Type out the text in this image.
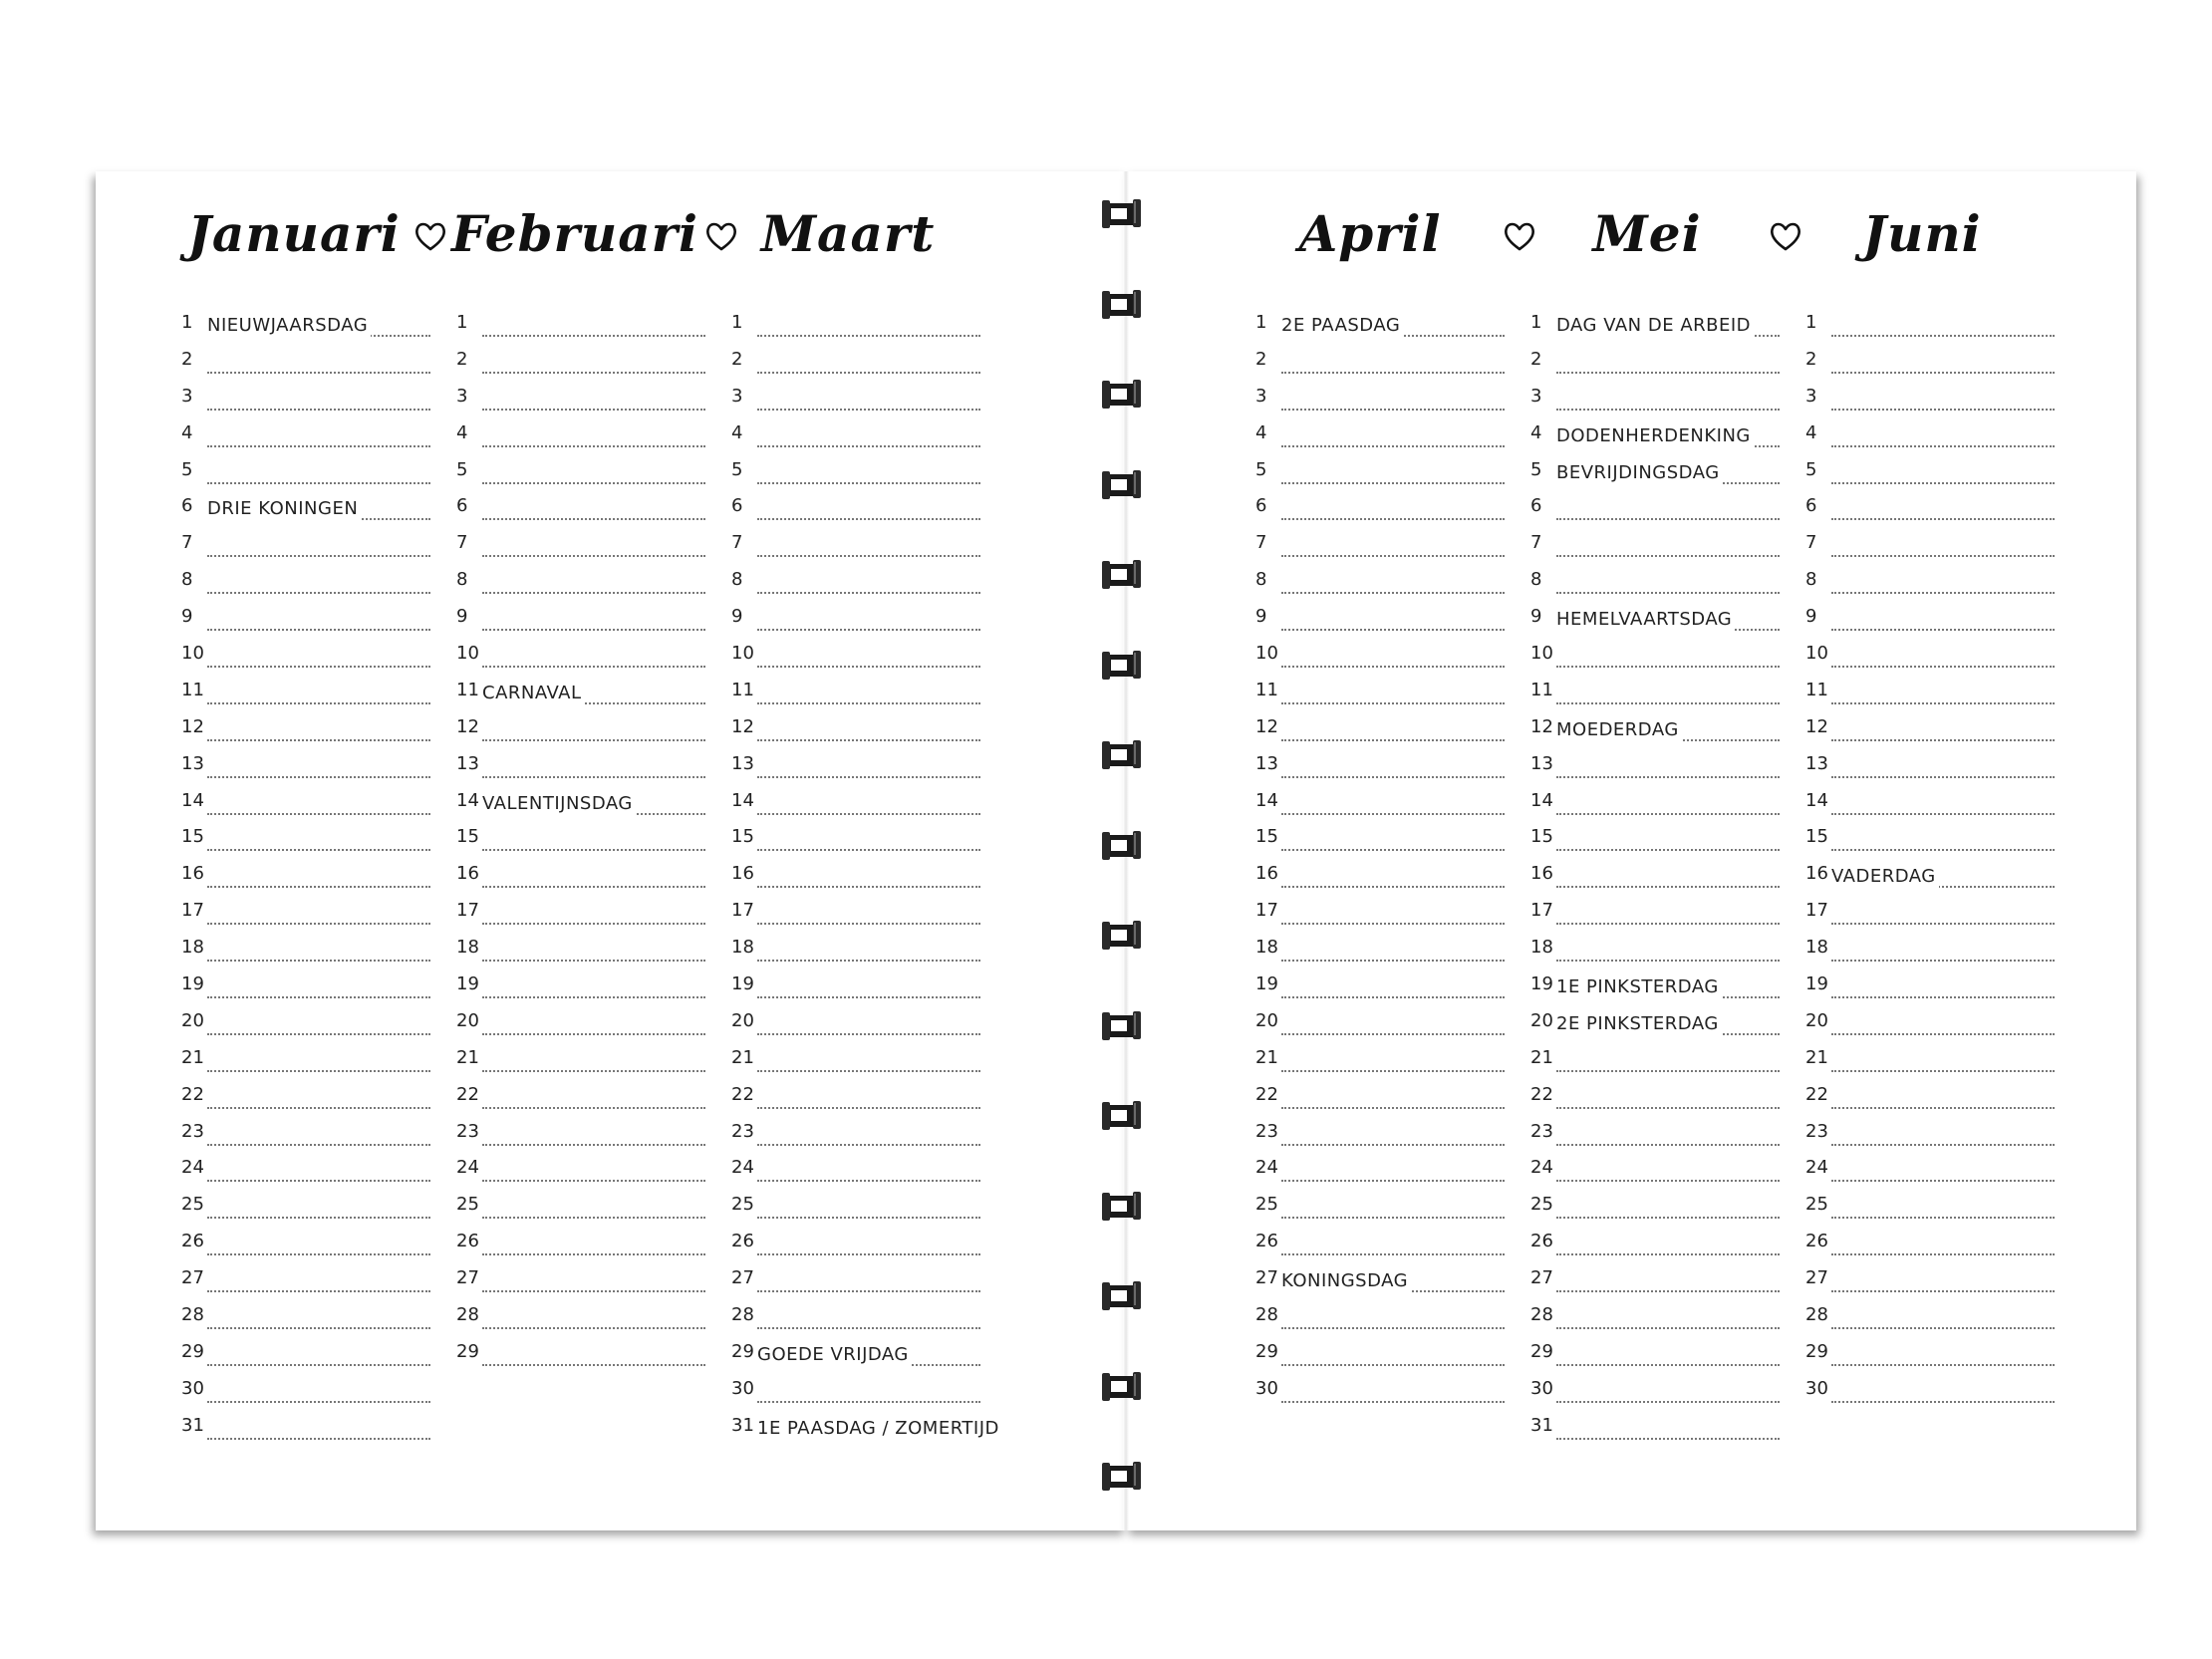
Januari	Februari	Maart	April	Mei	Juni
1 NIEUWJAARSDAG
2
3
4
5
6 DRIE KONINGEN
7
8
9
10
11
12
13
14
15
16
17
18
19
20
21
22
23
24
25
26
27
28
29
30
31
1
2
3
4
5
6
7
8
9
10
11 CARNAVAL
12
13
14 VALENTIJNSDAG
15
16
17
18
19
20
21
22
23
24
25
26
27
28
29
1
2
3
4
5
6
7
8
9
10
11
12
13
14
15
16
17
18
19
20
21
22
23
24
25
26
27
28
29 GOEDE VRIJDAG
30
31 1E PAASDAG / ZOMERTIJD
1 2E PAASDAG
2
3
4
5
6
7
8
9
10
11
12
13
14
15
16
17
18
19
20
21
22
23
24
25
26
27 KONINGSDAG
28
29
30
1 DAG VAN DE ARBEID
2
3
4 DODENHERDENKING
5 BEVRIJDINGSDAG
6
7
8
9 HEMELVAARTSDAG
10
11
12 MOEDERDAG
13
14
15
16
17
18
19 1E PINKSTERDAG
20 2E PINKSTERDAG
21
22
23
24
25
26
27
28
29
30
31
1
2
3
4
5
6
7
8
9
10
11
12
13
14
15
16 VADERDAG
17
18
19
20
21
22
23
24
25
26
27
28
29
30
